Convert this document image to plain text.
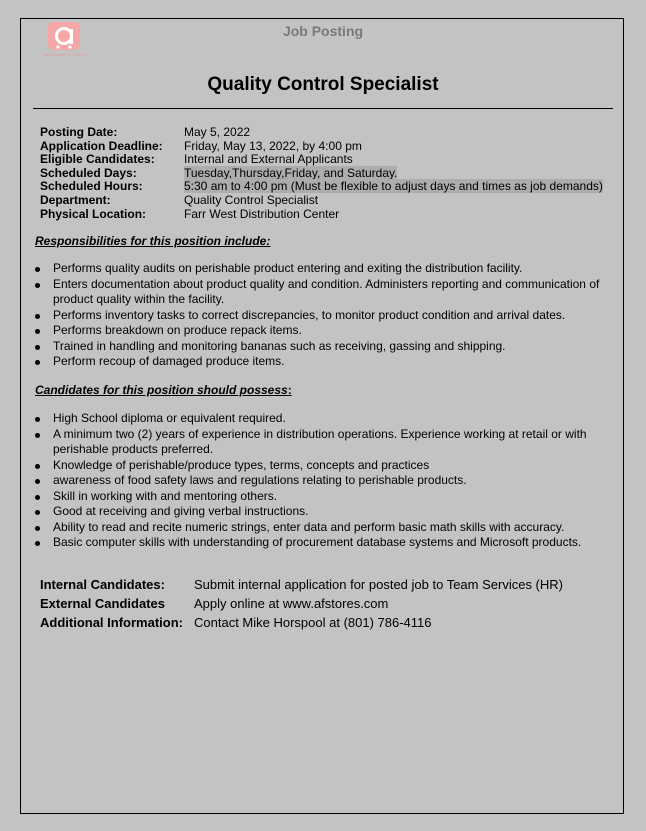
Associated Food Stores
Job Posting
Quality Control Specialist
Posting Date:	May 5, 2022
Application Deadline:	Friday, May 13, 2022, by 4:00 pm
Eligible Candidates:	Internal and External Applicants
Scheduled Days:	Tuesday,Thursday,Friday, and Saturday.
Scheduled Hours:	5:30 am to 4:00 pm (Must be flexible to adjust days and times as job demands)
Department:	Quality Control Specialist
Physical Location:	Farr West Distribution Center
Responsibilities for this position include:
Performs quality audits on perishable product entering and exiting the distribution facility.
Enters documentation about product quality and condition. Administers reporting and communication of product quality within the facility.
Performs inventory tasks to correct discrepancies, to monitor product condition and arrival dates.
Performs breakdown on produce repack items.
Trained in handling and monitoring bananas such as receiving, gassing and shipping.
Perform recoup of damaged produce items.
Candidates for this position should possess:
High School diploma or equivalent required.
A minimum two (2) years of experience in distribution operations. Experience working at retail or with perishable products preferred.
Knowledge of perishable/produce types, terms, concepts and practices
awareness of food safety laws and regulations relating to perishable products.
Skill in working with and mentoring others.
Good at receiving and giving verbal instructions.
Ability to read and recite numeric strings, enter data and perform basic math skills with accuracy.
Basic computer skills with understanding of procurement database systems and Microsoft products.
Internal Candidates:	Submit internal application for posted job to Team Services (HR)
External Candidates	Apply online at www.afstores.com
Additional Information:	Contact Mike Horspool at (801) 786-4116
